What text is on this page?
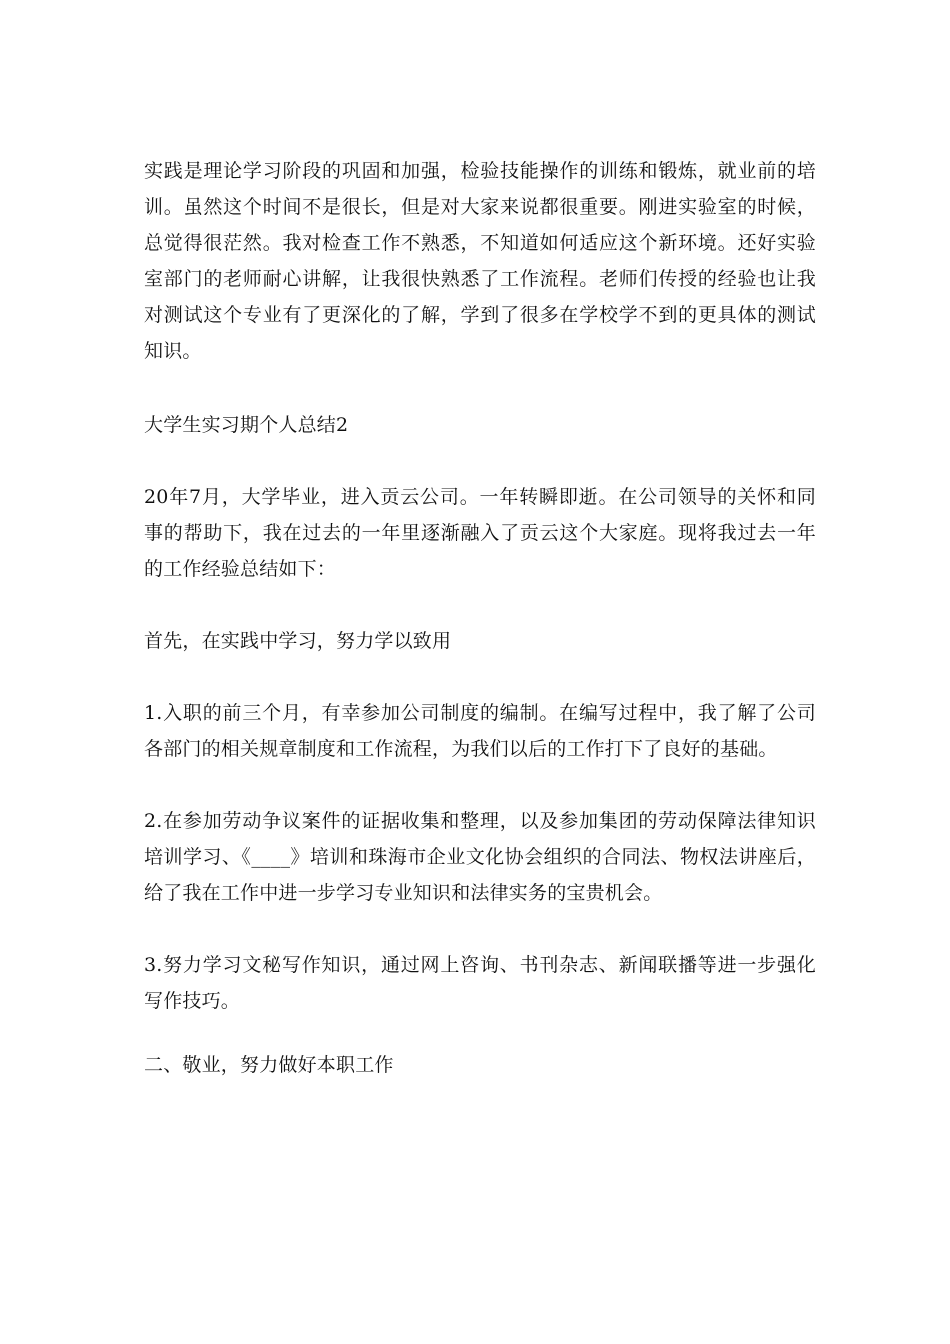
实践是理论学习阶段的巩固和加强，检验技能操作的训练和锻炼，就业前的培
训。虽然这个时间不是很长，但是对大家来说都很重要。刚进实验室的时候，
总觉得很茫然。我对检查工作不熟悉，不知道如何适应这个新环境。还好实验
室部门的老师耐心讲解，让我很快熟悉了工作流程。老师们传授的经验也让我
对测试这个专业有了更深化的了解，学到了很多在学校学不到的更具体的测试
知识。
大学生实习期个人总结2
20年7月，大学毕业，进入贡云公司。一年转瞬即逝。在公司领导的关怀和同
事的帮助下，我在过去的一年里逐渐融入了贡云这个大家庭。现将我过去一年
的工作经验总结如下：
首先，在实践中学习，努力学以致用
1.入职的前三个月，有幸参加公司制度的编制。在编写过程中，我了解了公司
各部门的相关规章制度和工作流程，为我们以后的工作打下了良好的基础。
2.在参加劳动争议案件的证据收集和整理，以及参加集团的劳动保障法律知识
培训学习、《____》培训和珠海市企业文化协会组织的合同法、物权法讲座后，
给了我在工作中进一步学习专业知识和法律实务的宝贵机会。
3.努力学习文秘写作知识，通过网上咨询、书刊杂志、新闻联播等进一步强化
写作技巧。
二、敬业，努力做好本职工作
